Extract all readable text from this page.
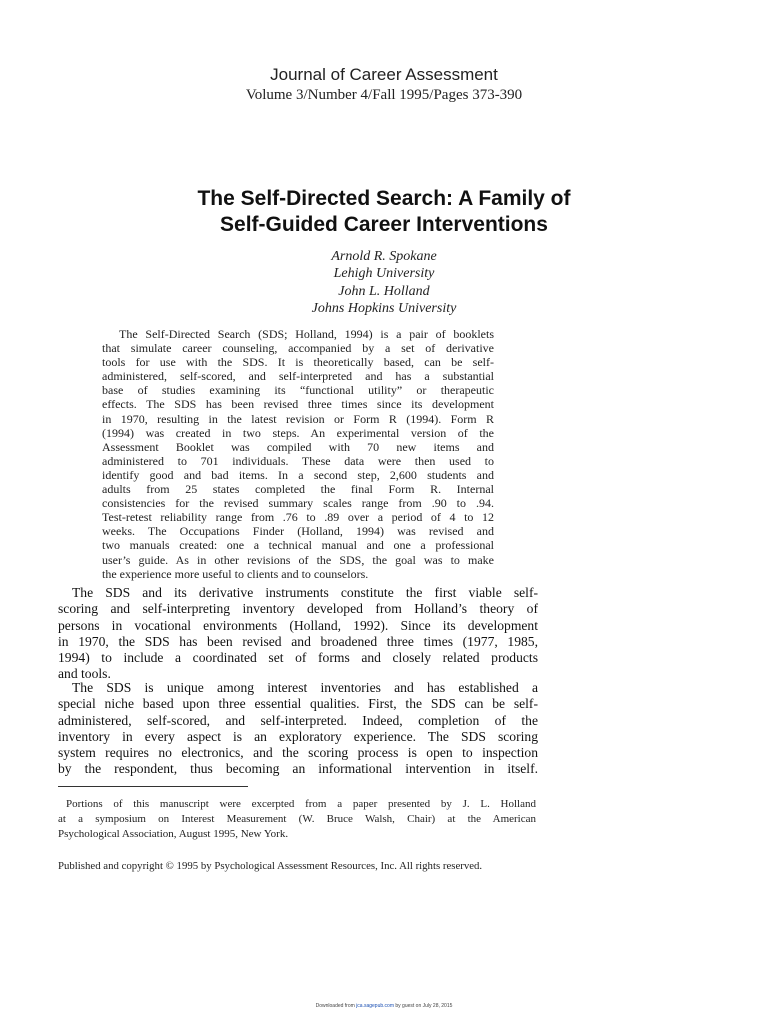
Journal of Career Assessment
Volume 3/Number 4/Fall 1995/Pages 373-390
The Self-Directed Search: A Family of
Self-Guided Career Interventions
Arnold R. Spokane
Lehigh University
John L. Holland
Johns Hopkins University
The Self-Directed Search (SDS; Holland, 1994) is a pair of booklets
that simulate career counseling, accompanied by a set of derivative
tools for use with the SDS. It is theoretically based, can be self-
administered, self-scored, and self-interpreted and has a substantial
base of studies examining its “functional utility” or therapeutic
effects. The SDS has been revised three times since its development
in 1970, resulting in the latest revision or Form R (1994). Form R
(1994) was created in two steps. An experimental version of the
Assessment Booklet was compiled with 70 new items and
administered to 701 individuals. These data were then used to
identify good and bad items. In a second step, 2,600 students and
adults from 25 states completed the final Form R. Internal
consistencies for the revised summary scales range from .90 to .94.
Test-retest reliability range from .76 to .89 over a period of 4 to 12
weeks. The Occupations Finder (Holland, 1994) was revised and
two manuals created: one a technical manual and one a professional
user’s guide. As in other revisions of the SDS, the goal was to make
the experience more useful to clients and to counselors.
The SDS and its derivative instruments constitute the first viable self-
scoring and self-interpreting inventory developed from Holland’s theory of
persons in vocational environments (Holland, 1992). Since its development
in 1970, the SDS has been revised and broadened three times (1977, 1985,
1994) to include a coordinated set of forms and closely related products
and tools.
The SDS is unique among interest inventories and has established a
special niche based upon three essential qualities. First, the SDS can be self-
administered, self-scored, and self-interpreted. Indeed, completion of the
inventory in every aspect is an exploratory experience. The SDS scoring
system requires no electronics, and the scoring process is open to inspection
by the respondent, thus becoming an informational intervention in itself.
Portions of this manuscript were excerpted from a paper presented by J. L. Holland
at a symposium on Interest Measurement (W. Bruce Walsh, Chair) at the American
Psychological Association, August 1995, New York.
Published and copyright © 1995 by Psychological Assessment Resources, Inc. All rights reserved.
Downloaded from jca.sagepub.com by guest on July 28, 2015
